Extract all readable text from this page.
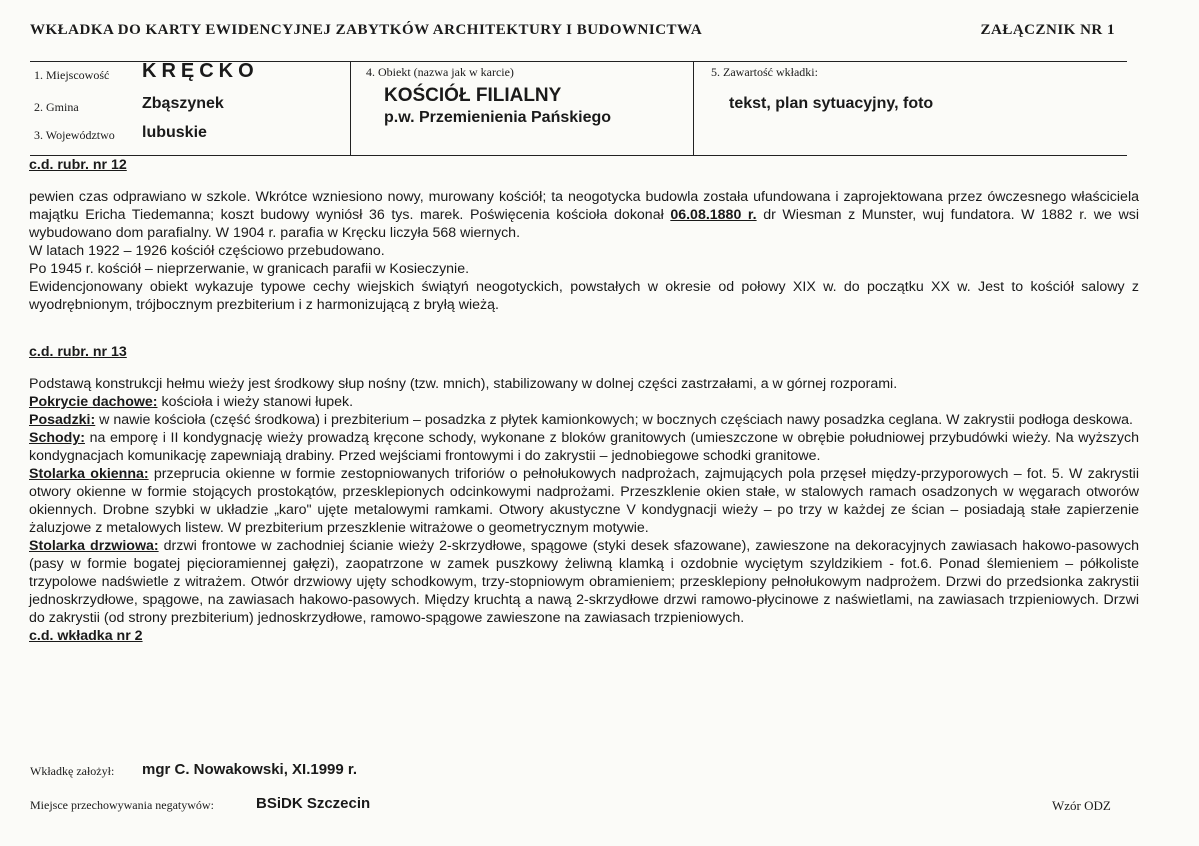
WKŁADKA DO KARTY EWIDENCYJNEJ ZABYTKÓW ARCHITEKTURY I BUDOWNICTWA	ZAŁĄCZNIK NR 1
1. Miejscowość KRĘCKO
2. Gmina	Zbąszynek
3. Województwo lubuskie
4. Obiekt (nazwa jak w karcie)
KOŚCIÓŁ FILIALNY
p.w. Przemienienia Pańskiego
5. Zawartość wkładki:
tekst, plan sytuacyjny, foto
c.d. rubr. nr 12

pewien czas odprawiano w szkole. Wkrótce wzniesiono nowy, murowany kościół; ta neogotycka budowla została ufundowana i zaprojektowana przez ówczesnego właściciela majątku Ericha Tiedemanna; koszt budowy wyniósł 36 tys. marek. Poświęcenia kościoła dokonał 06.08.1880 r. dr Wiesman z Munster, wuj fundatora. W 1882 r. we wsi wybudowano dom parafialny. W 1904 r. parafia w Kręcku liczyła 568 wiernych.

W latach 1922 – 1926 kościół częściowo przebudowano.

Po 1945 r. kościół – nieprzerwanie, w granicach parafii w Kosieczynie.

Ewidencjonowany obiekt wykazuje typowe cechy wiejskich świątyń neogotyckich, powstałych w okresie od połowy XIX w. do początku XX w. Jest to kościół salowy z wyodrębnionym, trójbocznym prezbiterium i z harmonizującą z bryłą wieżą.

c.d. rubr. nr 13

Podstawą konstrukcji hełmu wieży jest środkowy słup nośny (tzw. mnich), stabilizowany w dolnej części zastrzałami, a w górnej rozporami.

Pokrycie dachowe: kościoła i wieży stanowi łupek.

Posadzki: w nawie kościoła (część środkowa) i prezbiterium – posadzka z płytek kamionkowych; w bocznych częściach nawy posadzka ceglana. W zakrystii podłoga deskowa.

Schody: na emporę i II kondygnację wieży prowadzą kręcone schody, wykonane z bloków granitowych (umieszczone w obrębie południowej przybudówki wieży. Na wyższych kondygnacjach komunikację zapewniają drabiny. Przed wejściami frontowymi i do zakrystii – jednobiegowe schodki granitowe.

Stolarka okienna: przeprucia okienne w formie zestopniowanych triforiów o pełnołukowych nadprożach, zajmujących pola przęseł między-przyporowych – fot. 5. W zakrystii otwory okienne w formie stojących prostokątów, przesklepionych odcinkowymi nadprożami. Przeszklenie okien stałe, w stalowych ramach osadzonych w węgarach otworów okiennych. Drobne szybki w układzie „karo" ujęte metalowymi ramkami. Otwory akustyczne V kondygnacji wieży – po trzy w każdej ze ścian – posiadają stałe zapierzenie żaluzjowe z metalowych listew. W prezbiterium przeszklenie witrażowe o geometrycznym motywie.

Stolarka drzwiowa: drzwi frontowe w zachodniej ścianie wieży 2-skrzydłowe, spągowe (styki desek sfazowane), zawieszone na dekoracyjnych zawiasach hakowo-pasowych (pasy w formie bogatej pięcioramiennej gałęzi), zaopatrzone w zamek puszkowy żeliwną klamką i ozdobnie wyciętym szyldzikiem - fot.6. Ponad ślemieniem – półkoliste trzypolowe nadświetle z witrażem. Otwór drzwiowy ujęty schodkowym, trzy-stopniowym obramieniem; przesklepiony pełnołukowym nadprożem. Drzwi do przedsionka zakrystii jednoskrzydłowe, spągowe, na zawiasach hakowo-pasowych. Między kruchtą a nawą 2-skrzydłowe drzwi ramowo-płycinowe z naświetlami, na zawiasach trzpieniowych. Drzwi do zakrystii (od strony prezbiterium) jednoskrzydłowe, ramowo-spągowe zawieszone na zawiasach trzpieniowych.

c.d. wkładka nr 2
Wkładkę założył: mgr C. Nowakowski, XI.1999 r.
Miejsce przechowywania negatywów:	BSiDK Szczecin	Wzór ODZ
